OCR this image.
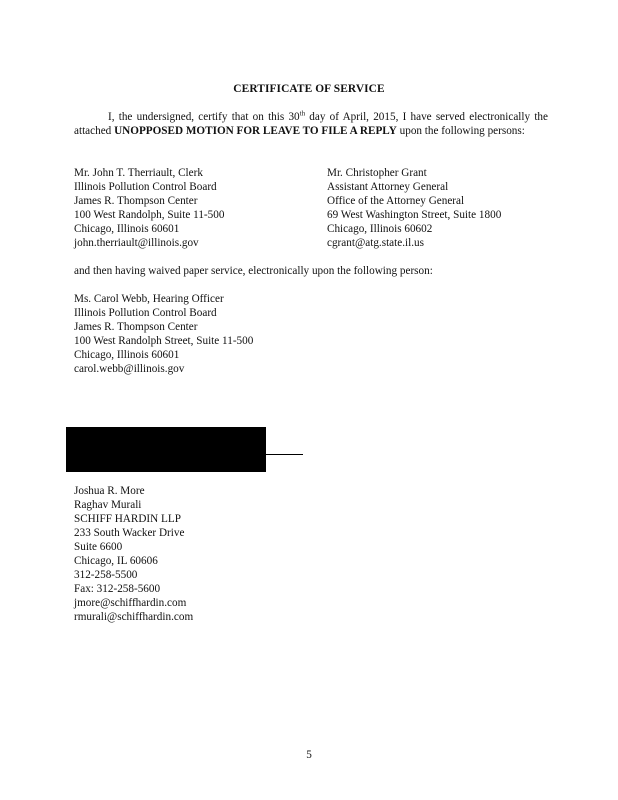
CERTIFICATE OF SERVICE
I, the undersigned, certify that on this 30th day of April, 2015, I have served electronically the attached UNOPPOSED MOTION FOR LEAVE TO FILE A REPLY upon the following persons:
Mr. John T. Therriault, Clerk
Illinois Pollution Control Board
James R. Thompson Center
100 West Randolph, Suite 11-500
Chicago, Illinois 60601
john.therriault@illinois.gov
Mr. Christopher Grant
Assistant Attorney General
Office of the Attorney General
69 West Washington Street, Suite 1800
Chicago, Illinois 60602
cgrant@atg.state.il.us
and then having waived paper service, electronically upon the following person:
Ms. Carol Webb, Hearing Officer
Illinois Pollution Control Board
James R. Thompson Center
100 West Randolph Street, Suite 11-500
Chicago, Illinois 60601
carol.webb@illinois.gov
Joshua R. More
Raghav Murali
SCHIFF HARDIN LLP
233 South Wacker Drive
Suite 6600
Chicago, IL 60606
312-258-5500
Fax: 312-258-5600
jmore@schiffhardin.com
rmurali@schiffhardin.com
5
